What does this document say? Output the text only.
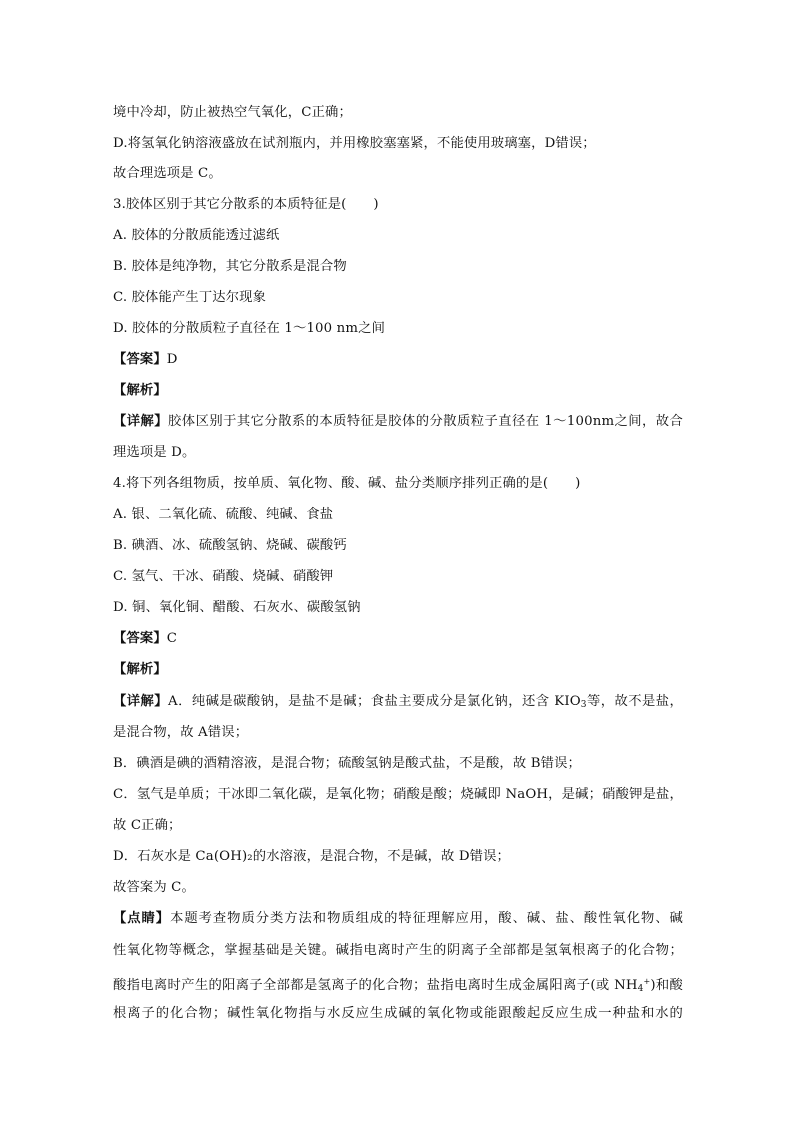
境中冷却，防止被热空气氧化，C正确；
D.将氢氧化钠溶液盛放在试剂瓶内，并用橡胶塞塞紧，不能使用玻璃塞，D错误；
故合理选项是 C。
3.胶体区别于其它分散系的本质特征是(　　)
A. 胶体的分散质能透过滤纸
B. 胶体是纯净物，其它分散系是混合物
C. 胶体能产生丁达尔现象
D. 胶体的分散质粒子直径在 1～100 nm之间
【答案】D
【解析】
【详解】胶体区别于其它分散系的本质特征是胶体的分散质粒子直径在 1～100nm之间，故合
理选项是 D。
4.将下列各组物质，按单质、氧化物、酸、碱、盐分类顺序排列正确的是(　　)
A. 银、二氧化硫、硫酸、纯碱、食盐
B. 碘酒、冰、硫酸氢钠、烧碱、碳酸钙
C. 氢气、干冰、硝酸、烧碱、硝酸钾
D. 铜、氧化铜、醋酸、石灰水、碳酸氢钠
【答案】C
【解析】
【详解】A．纯碱是碳酸钠，是盐不是碱；食盐主要成分是氯化钠，还含 $KIO_3$等，故不是盐，
是混合物，故 A错误；
B．碘酒是碘的酒精溶液，是混合物；硫酸氢钠是酸式盐，不是酸，故 B错误；
C．氢气是单质；干冰即二氧化碳，是氧化物；硝酸是酸；烧碱即 NaOH，是碱；硝酸钾是盐，
故 C正确；
D．石灰水是 Ca(OH)₂的水溶液，是混合物，不是碱，故 D错误；
故答案为 C。
【点睛】本题考查物质分类方法和物质组成的特征理解应用，酸、碱、盐、酸性氧化物、碱
性氧化物等概念，掌握基础是关键。碱指电离时产生的阴离子全部都是氢氧根离子的化合物；
酸指电离时产生的阳离子全部都是氢离子的化合物；盐指电离时生成金属阳离子(或 $NH_4^+$)和酸
根离子的化合物；碱性氧化物指与水反应生成碱的氧化物或能跟酸起反应生成一种盐和水的
